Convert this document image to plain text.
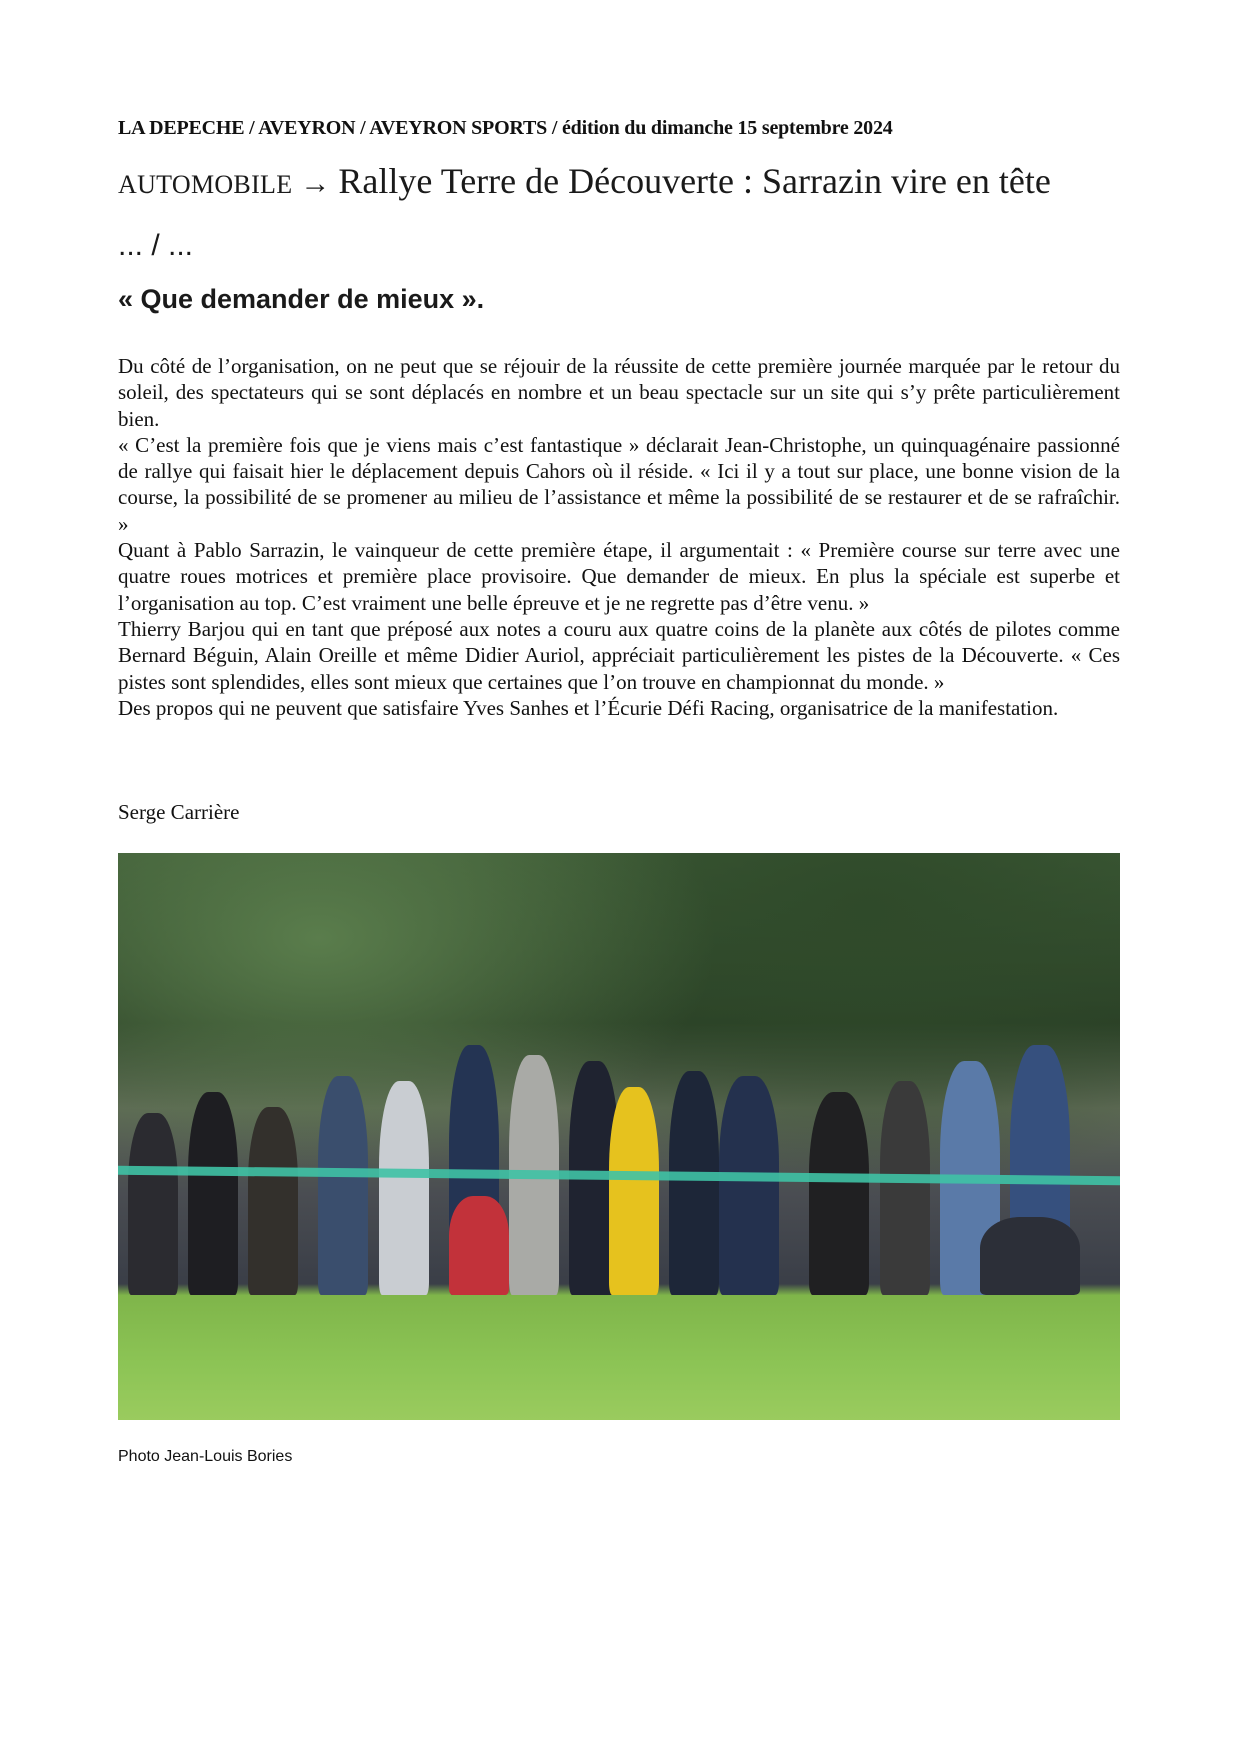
LA DEPECHE / AVEYRON / AVEYRON SPORTS / édition du dimanche 15 septembre 2024
AUTOMOBILE → Rallye Terre de Découverte : Sarrazin vire en tête
... / ...
« Que demander de mieux ».

Du côté de l’organisation, on ne peut que se réjouir de la réussite de cette première journée marquée par le retour du soleil, des spectateurs qui se sont déplacés en nombre et un beau spectacle sur un site qui s’y prête particulièrement bien.

« C’est la première fois que je viens mais c’est fantastique » déclarait Jean-Christophe, un quinquagénaire passionné de rallye qui faisait hier le déplacement depuis Cahors où il réside. « Ici il y a tout sur place, une bonne vision de la course, la possibilité de se promener au milieu de l’assistance et même la possibilité de se restaurer et de se rafraîchir. »

Quant à Pablo Sarrazin, le vainqueur de cette première étape, il argumentait : « Première course sur terre avec une quatre roues motrices et première place provisoire. Que demander de mieux. En plus la spéciale est superbe et l’organisation au top. C’est vraiment une belle épreuve et je ne regrette pas d’être venu. »

Thierry Barjou qui en tant que préposé aux notes a couru aux quatre coins de la planète aux côtés de pilotes comme Bernard Béguin, Alain Oreille et même Didier Auriol, appréciait particulièrement les pistes de la Découverte. « Ces pistes sont splendides, elles sont mieux que certaines que l’on trouve en championnat du monde. »

Des propos qui ne peuvent que satisfaire Yves Sanhes et l’Écurie Défi Racing, organisatrice de la manifestation.

Serge Carrière
Photo Jean-Louis Bories
